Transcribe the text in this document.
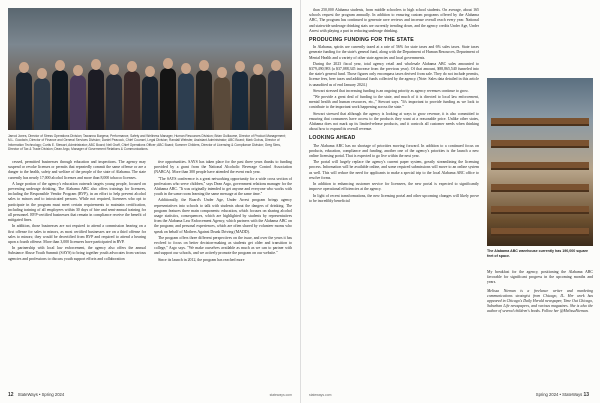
Jarrod Jones, Director of Stress Operations Division; Tawanna Burgess; Performance, Safety and Wellness Manager, Human Resources Division; Brian Guillaume, Director of Product Management; M.L. Goodwin, Director of Finance and General Services Division; Daniel Peacock, Chief Counsel, Legal Division; Randall Webster, Assistant Administrator; ABC Board; Mark Gobus, Director of Information Technology; Curtis E. Stewart, Administrator; ABC Board; Neil Graff, Chief Operations Officer; ABC Board; Summer Childers, Director of Licensing & Compliance Division; Greg Sims, Director of Tax & Trade Division; Dean Argo, Manager of Government Relations & Communications.

cessed, permitted businesses through education and inspections. The agency may suspend or revoke licenses or permits that repeatedly commit the same offense or are a danger to the health, safety and welfare of the people of the state of Alabama. The state currently has nearly 17,000 alcohol licenses and more than 8,000 tobacco licenses.

A large portion of the agency's education outreach targets young people, focused on preventing underage drinking. The Alabama ABC also offers trainings for licensees, including the Responsible Vendor Program (RVP), in an effort to help prevent alcohol sales to minors and to intoxicated persons. While not required, licensees who opt to participate in the program must meet certain requirements to maintain certification, including training of all employees within 30 days of hire and semi-annual training for all personnel. RVP-certified businesses that remain in compliance receive the benefit of mitigated fines.

In addition, those businesses are not required to attend a commission hearing on a first offense for sales to minors, as most certified businesses are on a third offense for sales to minors; they would be decertified from RVP and required to attend a hearing upon a fourth offense. More than 3,000 licensees have participated in RVP.

In partnership with local law enforcement, the agency also offers the annual Substance Abuse Youth Summit (SAYS) to bring together youth advocates from various agencies and professions to discuss youth support efforts and collaboration

tive opportunities. SAYS has taken place for the past three years thanks to funding provided by a grant from the National Alcoholic Beverage Control Association (NABCA). More than 300 people have attended the event each year.

"The SAYS conference is a great networking opportunity for a wide cross section of professions who serve children," says Dean Argo, government relations manager for the Alabama ABC. "It was originally intended to get anyone and everyone who works with youth in the same room learning the same message at the same time."

Additionally, the Board's Under Age, Under Arrest program brings agency representatives into schools to talk with students about the dangers of drinking. The program features three main components: education, which focuses on sharing alcohol usage statistics, consequences, which are highlighted by students by representatives from the Alabama Law Enforcement Agency, which partners with the Alabama ABC on the program; and personal experiences, which are often shared by volunteer moms who speak on behalf of Mothers Against Drunk Driving (MADD).

The program offers three different perspectives on the issue, and over the years it has evolved to focus on better decision-making as students get older and transition to college," Argo says. "We make ourselves available as much as we can to partner with and support our schools, and we actively promote the program on our website."

Since its launch in 2012, the program has reached more

12 StateWays • Spring 2024	stateways.com

than 250,000 Alabama students, from middle schoolers to high school students. On average, about 165 schools request the program annually. In addition to ensuring custom programs offered by the Alabama ABC, The program has continued to generate rave reviews and increase overall reach every year. National and statewide underage drinking stats are currently trending down, and the agency credits Under Age, Under Arrest with playing a part in reducing underage drinking.

PRODUCING FUNDING FOR THE STATE

In Alabama, spirits are currently taxed at a rate of 56% for state taxes and 6% sales taxes. State taxes generate funding for the state's general fund, along with the Department of Human Resources, Department of Mental Health and a variety of other state agencies and local governments.

During the 2023 fiscal year, total agency retail and wholesale Alabama ABC sales amounted to $379,490,983 (a $37,088,345 increase from the previous year). Of that amount, $88,865,540 funneled into the state's general fund. Those figures only encompass taxes derived from sale. They do not include permits, license fees, beer taxes and additional funds collected by the agency. (Note: Sales data detailed in this article is unaudited as of end January 2024.)

Stewart stressed that increasing funding is an ongoing priority as agency revenues continue to grow.

"We provide a great deal of funding to the state, and much of it is directed to local law enforcement, mental health and human resources, etc.," Stewart says. "It's important to provide funding as we look to contribute to the important work happening across the state."

Stewart stressed that although the agency is looking at ways to grow revenue, it is also committed to ensuring that consumers have access to the products they want at a reasonable price. Unlike other states, Alabama does not mark up its limited-release products, and it controls all customer needs when thinking about how to expand its overall revenue.

LOOKING AHEAD

The Alabama ABC has no shortage of priorities moving forward. In addition to a continued focus on products, education, compliance and funding, another one of the agency's priorities is the launch a new online licensing portal. That is expected to go live within the next year.

The portal will largely replace the agency's current paper system, greatly streamlining the licensing process. Information will be available online, and some required submissions will move to an online system as well. This will reduce the need for applicants to make a special trip to the local Alabama ABC office to resolve forms.

In addition to enhancing customer service for licensees, the new portal is expected to significantly improve operational efficiencies at the agency.

In light of recent transformations, the new licensing portal and other upcoming changes will likely prove to be incredibly beneficial

The Alabama ABC warehouse currently has 190,000 square feet of space.
My breakfast for the agency, positioning the Alabama ABC favorable for significant progress in the upcoming months and years.
Melissa Nieman is a freelance writer and marketing communications strategist from Chicago, IL. Her work has appeared in Chicago's Daily Herald newspaper, Time Out Chicago, Suburban Life newspapers, and various magazines. She is also the author of several children's books. Follow her @MelissaNieman.
stateways.com	Spring 2024 • StateWays 13
